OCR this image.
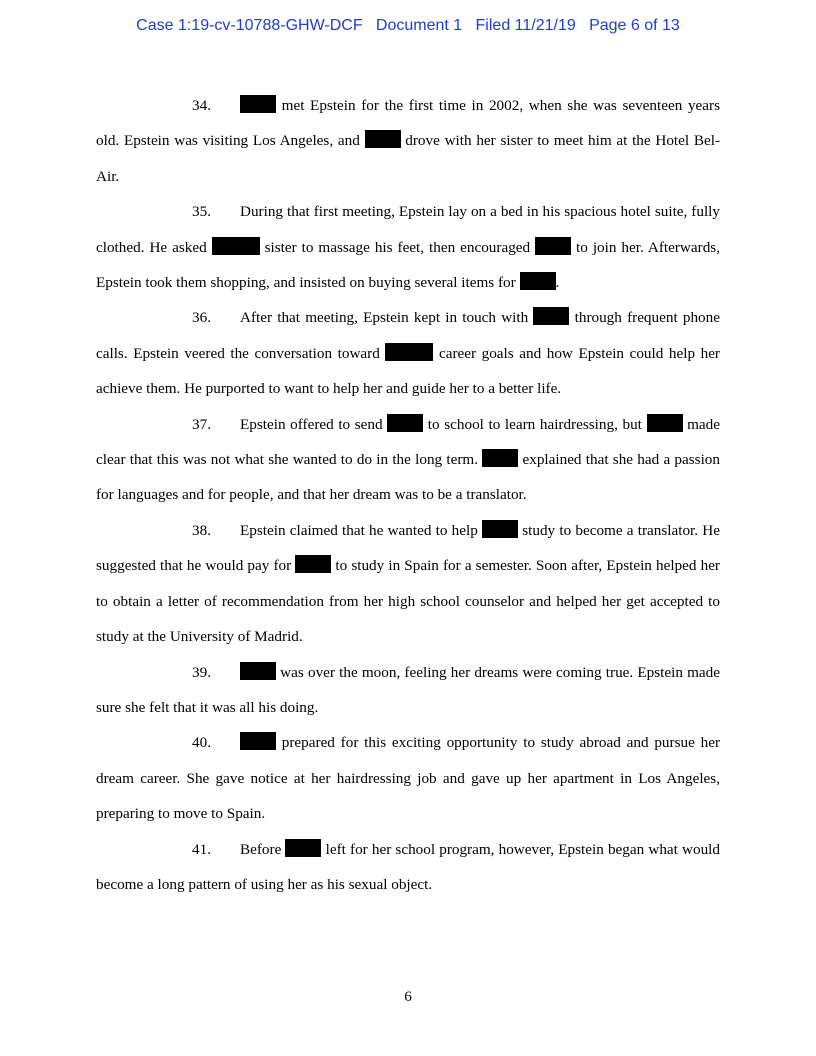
Case 1:19-cv-10788-GHW-DCF   Document 1   Filed 11/21/19   Page 6 of 13

34.	met Epstein for the first time in 2002, when she was seventeen years old. Epstein was visiting Los Angeles, and  drove with her sister to meet him at the Hotel Bel-Air.

35. During that first meeting, Epstein lay on a bed in his spacious hotel suite, fully clothed. He asked	sister to massage his feet, then encouraged  to join her. Afterwards, Epstein took them shopping, and insisted on buying several items for .

36. After that meeting, Epstein kept in touch with  through frequent phone calls. Epstein veered the conversation toward	career goals and how Epstein could help her achieve them. He purported to want to help her and guide her to a better life.

37. Epstein offered to send  to school to learn hairdressing, but  made clear that this was not what she wanted to do in the long term.  explained that she had a passion for languages and for people, and that her dream was to be a translator.

38. Epstein claimed that he wanted to help  study to become a translator. He suggested that he would pay for  to study in Spain for a semester. Soon after, Epstein helped her to obtain a letter of recommendation from her high school counselor and helped her get accepted to study at the University of Madrid.

39.	was over the moon, feeling her dreams were coming true. Epstein made sure she felt that it was all his doing.

40.	prepared for this exciting opportunity to study abroad and pursue her dream career. She gave notice at her hairdressing job and gave up her apartment in Los Angeles, preparing to move to Spain.

41. Before  left for her school program, however, Epstein began what would become a long pattern of using her as his sexual object.

6
